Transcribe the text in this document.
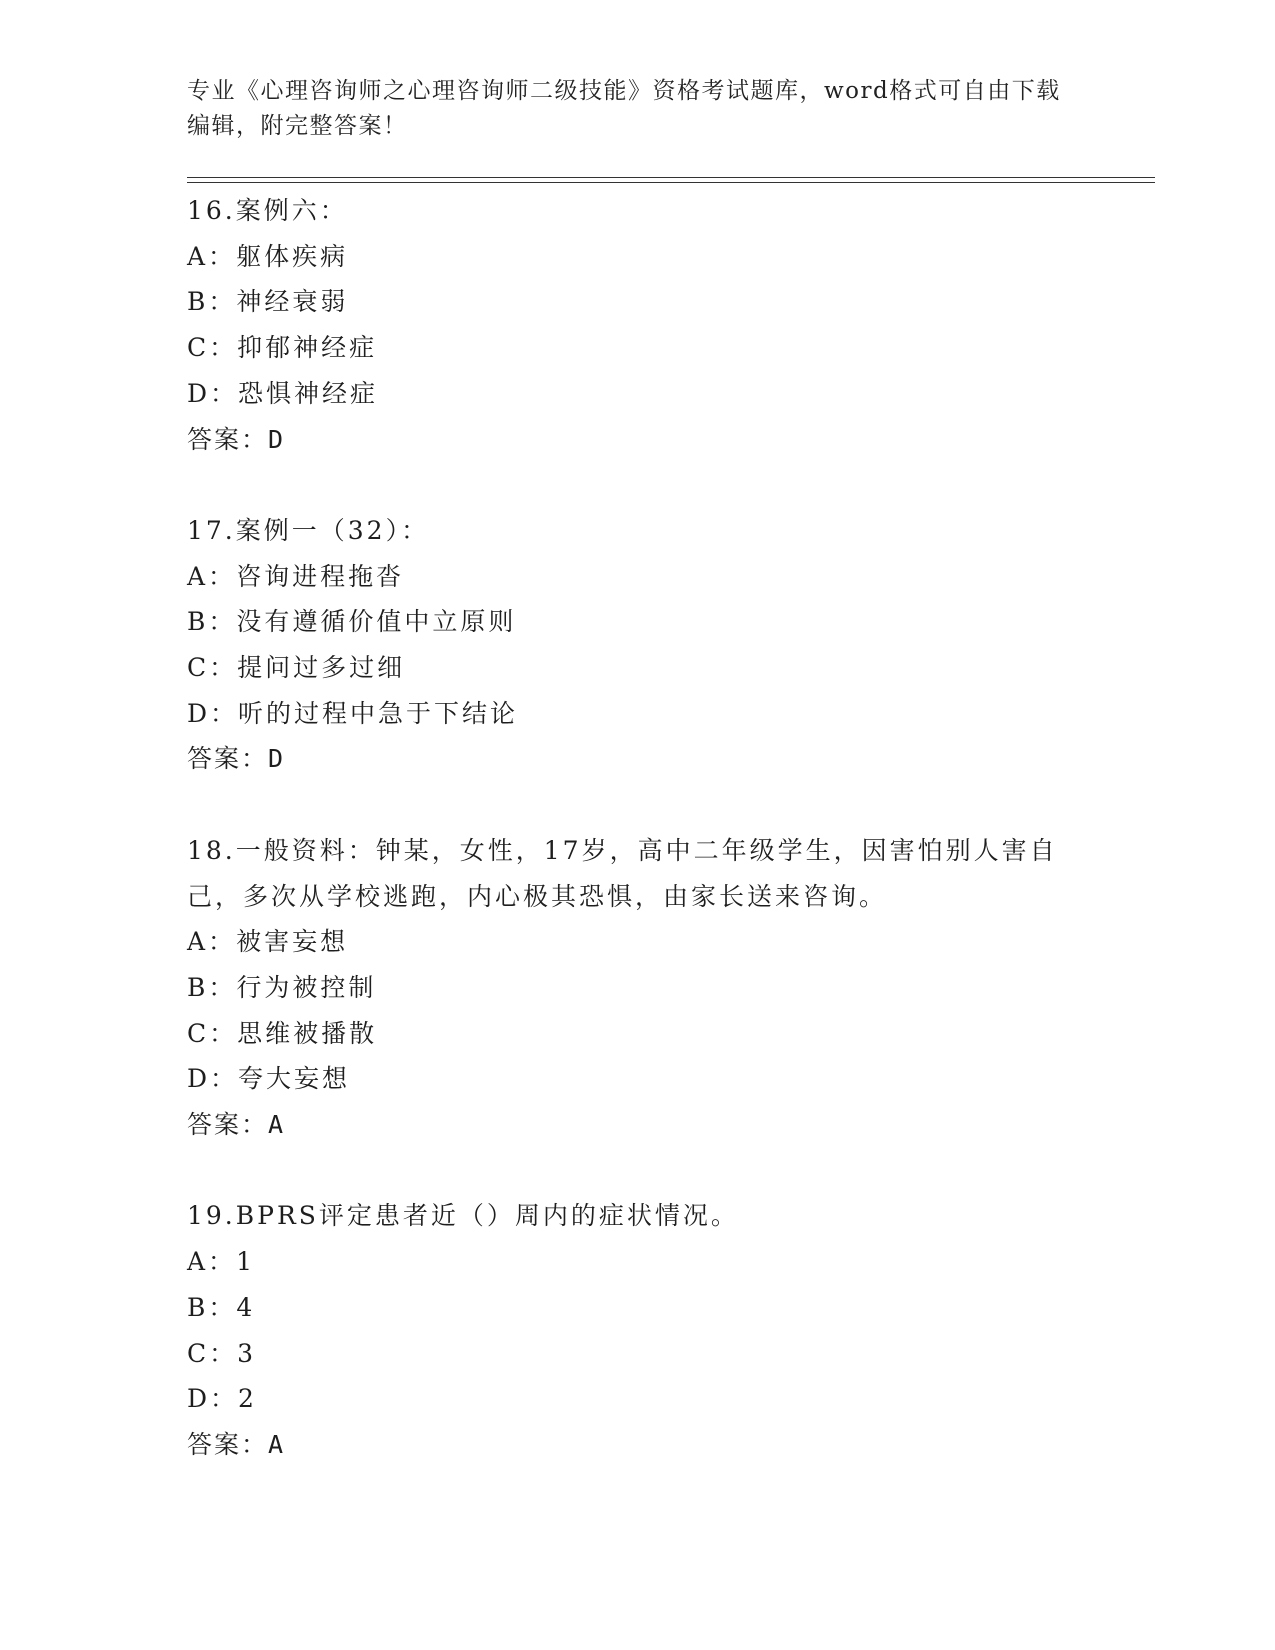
专业《心理咨询师之心理咨询师二级技能》资格考试题库，word格式可自由下载
编辑，附完整答案！

16.案例六：

A：躯体疾病

B：神经衰弱

C：抑郁神经症

D：恐惧神经症

答案：D

17.案例一（32）：

A：咨询进程拖沓

B：没有遵循价值中立原则

C：提问过多过细

D：听的过程中急于下结论

答案：D

18.一般资料：钟某，女性，17岁，高中二年级学生，因害怕别人害自己，多次从学校逃跑，内心极其恐惧，由家长送来咨询。

A：被害妄想

B：行为被控制

C：思维被播散

D：夸大妄想

答案：A

19.BPRS评定患者近（）周内的症状情况。

A：1

B：4

C：3

D：2

答案：A
